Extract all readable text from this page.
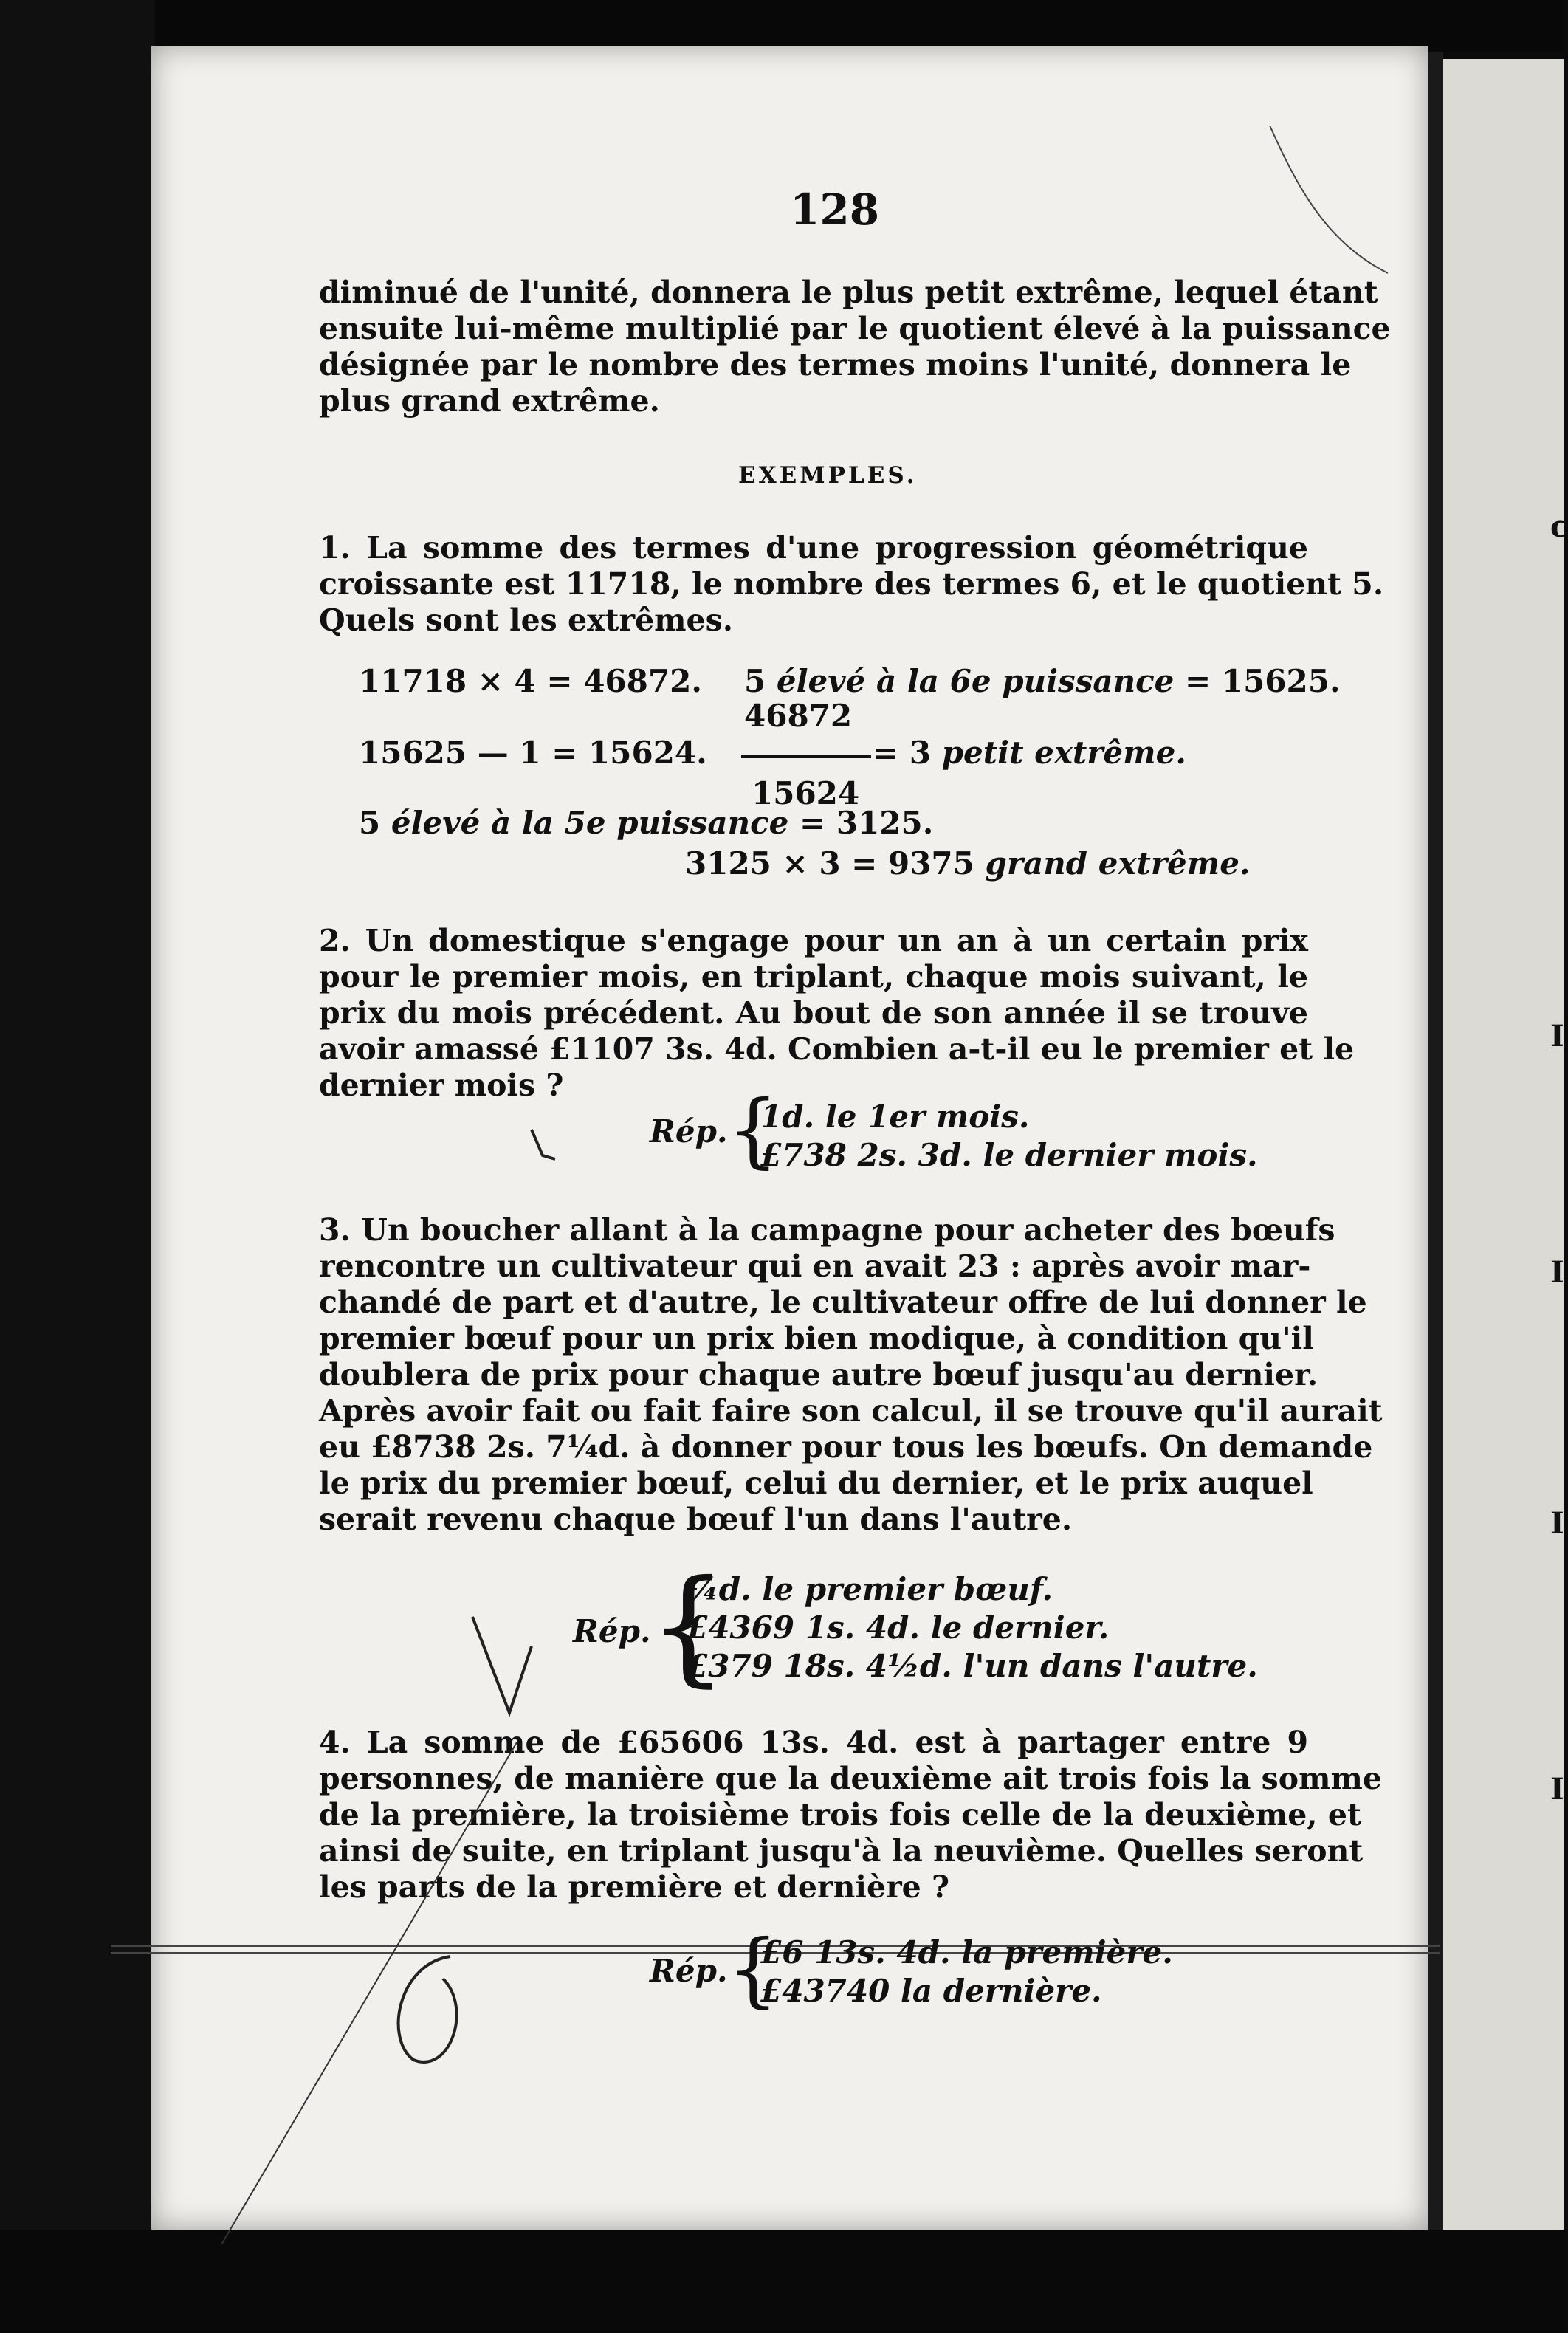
c
I
I
I
I
128
diminué de l'unité, donnera le plus petit extrême, lequel étant
ensuite lui-même multiplié par le quotient élevé à la puissance
désignée par le nombre des termes moins l'unité, donnera le
plus grand extrême.
EXEMPLES.
1. La somme des termes d'une progression géométrique
croissante est 11718, le nombre des termes 6, et le quotient 5.
Quels sont les extrêmes.
11718 × 4 = 46872. 5 élevé à la 6e puissance = 15625.
46872
15625 — 1 = 15624.	= 3 petit extrême.
15624
5 élevé à la 5e puissance = 3125.
3125 × 3 = 9375 grand extrême.
2. Un domestique s'engage pour un an à un certain prix
pour le premier mois, en triplant, chaque mois suivant, le
prix du mois précédent. Au bout de son année il se trouve
avoir amassé £1107 3s. 4d. Combien a-t-il eu le premier et le
dernier mois ?
Rép. {
1d. le 1er mois.
£738 2s. 3d. le dernier mois.
3. Un boucher allant à la campagne pour acheter des bœufs
rencontre un cultivateur qui en avait 23 : après avoir mar-
chandé de part et d'autre, le cultivateur offre de lui donner le
premier bœuf pour un prix bien modique, à condition qu'il
doublera de prix pour chaque autre bœuf jusqu'au dernier.
Après avoir fait ou fait faire son calcul, il se trouve qu'il aurait
eu £8738 2s. 7¼d. à donner pour tous les bœufs. On demande
le prix du premier bœuf, celui du dernier, et le prix auquel
serait revenu chaque bœuf l'un dans l'autre.
Rép.
{
¼d. le premier bœuf.
£4369 1s. 4d. le dernier.
£379 18s. 4½d. l'un dans l'autre.
4. La somme de £65606 13s. 4d. est à partager entre 9
personnes, de manière que la deuxième ait trois fois la somme
de la première, la troisième trois fois celle de la deuxième, et
ainsi de suite, en triplant jusqu'à la neuvième. Quelles seront
les parts de la première et dernière ?
Rép. {
£6 13s. 4d. la première.
£43740 la dernière.
